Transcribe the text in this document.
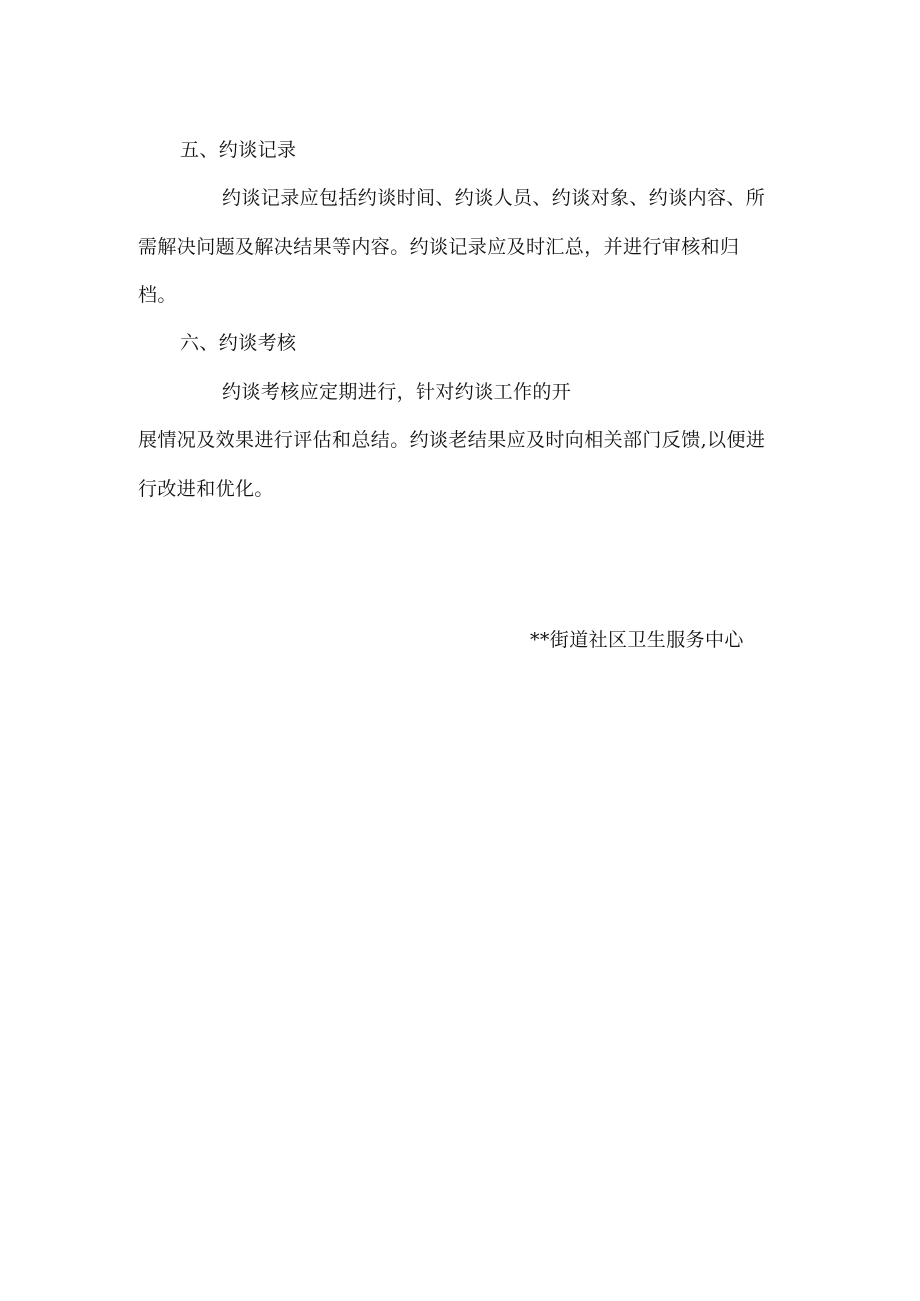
五、约谈记录
约谈记录应包括约谈时间、约谈人员、约谈对象、约谈内容、所
需解决问题及解决结果等内容。约谈记录应及时汇总，并进行审核和归
档。
六、约谈考核
约谈考核应定期进行，针对约谈工作的开
展情况及效果进行评估和总结。约谈老结果应及时向相关部门反馈,以便进
行改进和优化。
**街道社区卫生服务中心
